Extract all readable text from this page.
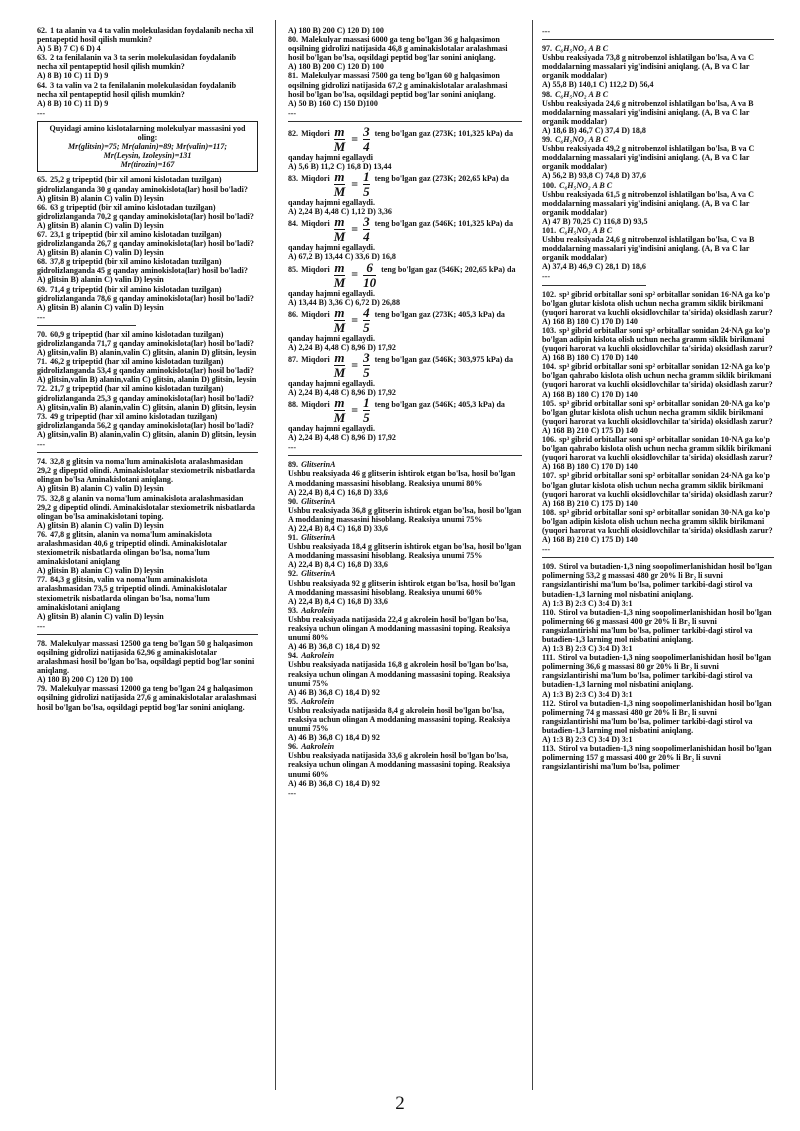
62. 1 ta alanin va 4 ta valin molekulasidan foydalanib necha xil pentapeptid hosil qilish mumkin?

A) 5 B) 7 C) 6 D) 4

63. 2 ta fenilalanin va 3 ta serin molekulasidan foydalanib necha xil pentapeptid hosil qilish mumkin?

A) 8 B) 10 C) 11 D) 9

64. 3 ta valin va 2 ta fenilalanin molekulasidan foydalanib necha xil pentapeptid hosil qilish mumkin?

A) 8 B) 10 C) 11 D) 9

---

Quyidagi amino kislotalarning molekulyar massasini yod oling:
Mr(glitsin)=75; Mr(alanin)=89; Mr(valin)=117;
Mr(Leysin, Izoleysin)=131
Mr(tirozin)=167

65. 25,2 g tripeptid (bir xil amoni kislotadan tuzilgan) gidrolizlanganda 30 g qanday aminokislota(lar) hosil bo'ladi?

A) glitsin B) alanin C) valin D) leysin

66. 63 g tripeptid (bir xil amino kislotadan tuzilgan) gidrolizlanganda 70,2 g qanday aminokislota(lar) hosil bo'ladi?

A) glitsin B) alanin C) valin D) leysin

67. 23,1 g tripeptid (bir xil amino kislotadan tuzilgan) gidrolizlanganda 26,7 g qanday aminokislota(lar) hosil bo'ladi?

A) glitsin B) alanin C) valin D) leysin

68. 37,8 g tripeptid (bir xil amino kislotadan tuzilgan) gidrolizlanganda 45 g qanday aminokislota(lar) hosil bo'ladi?

A) glitsin B) alanin C) valin D) leysin

69. 71,4 g tripeptid (bir xil amino kislotadan tuzilgan) gidrolizlanganda 78,6 g qanday aminokislota(lar) hosil bo'ladi?

A) glitsin B) alanin C) valin D) leysin

---

70. 60,9 g tripeptid (har xil amino kislotadan tuzilgan) gidrolizlanganda 71,7 g qanday aminokislota(lar) hosil bo'ladi?

A) glitsin,valin B) alanin,valin C) glitsin, alanin D) glitsin, leysin

71. 46,2 g tripeptid (har xil amino kislotadan tuzilgan) gidrolizlanganda 53,4 g qanday aminokislota(lar) hosil bo'ladi?

A) glitsin,valin B) alanin,valin C) glitsin, alanin D) glitsin, leysin

72. 21,7 g tripeptid (har xil amino kislotadan tuzilgan) gidrolizlanganda 25,3 g qanday aminokislota(lar) hosil bo'ladi?

A) glitsin,valin B) alanin,valin C) glitsin, alanin D) glitsin, leysin

73. 49 g tripeptid (har xil amino kislotadan tuzilgan) gidrolizlanganda 56,2 g qanday aminokislota(lar) hosil bo'ladi?

A) glitsin,valin B) alanin,valin C) glitsin, alanin D) glitsin, leysin

---

74. 32,8 g glitsin va noma'lum aminakislota aralashmasidan 29,2 g dipeptid olindi. Aminakislotalar stexiometrik nisbatlarda olingan bo'lsa Aminakislotani aniqlang.

A) glitsin B) alanin C) valin D) leysin

75. 32,8 g alanin va noma'lum aminakislota aralashmasidan 29,2 g dipeptid olindi. Aminakislotalar stexiometrik nisbatlarda olingan bo'lsa aminakislotani toping.

A) glitsin B) alanin C) valin D) leysin

76. 47,8 g glitsin, alanin va noma'lum aminakislota aralashmasidan 40,6 g tripeptid olindi. Aminakislotalar stexiometrik nisbatlarda olingan bo'lsa, noma'lum aminakislotani aniqlang

A) glitsin B) alanin C) valin D) leysin

77. 84,3 g glitsin, valin va noma'lum aminakislota aralashmasidan 73,5 g tripeptid olindi. Aminakislotalar stexiometrik nisbatlarda olingan bo'lsa, noma'lum aminakislotani aniqlang

A) glitsin B) alanin C) valin D) leysin

---

78. Malekulyar massasi 12500 ga teng bo'lgan 50 g halqasimon oqsilning gidrolizi natijasida 62,96 g aminakislotalar aralashmasi hosil bo'lgan bo'lsa, oqsildagi peptid bog'lar sonini aniqlang.

A) 180 B) 200 C) 120 D) 100

79. Malekulyar massasi 12000 ga teng bo'lgan 24 g halqasimon oqsilning gidrolizi natijasida 27,6 g aminakislotalar aralashmasi hosil bo'lgan bo'lsa, oqsildagi peptid bog'lar sonini aniqlang.

A) 180 B) 200 C) 120 D) 100

80. Malekulyar massasi 6000 ga teng bo'lgan 36 g halqasimon oqsilning gidrolizi natijasida 46,8 g aminakislotalar aralashmasi hosil bo'lgan bo'lsa, oqsildagi peptid bog'lar sonini aniqlang.

A) 180 B) 200 C) 120 D) 100

81. Malekulyar massasi 7500 ga teng bo'lgan 60 g halqasimon oqsilning gidrolizi natijasida 67,2 g aminakislotalar aralashmasi hosil bo'lgan bo'lsa, oqsildagi peptid bog'lar sonini aniqlang.

A) 50 B) 160 C) 150 D)100

---

82. Miqdori $\frac{m}{M} = \frac{3}{4}$ teng bo'lgan gaz (273K; 101,325 kPa) da qanday hajmni egallaydi

A) 5,6 B) 11,2 C) 16,8 D) 13,44

83. Miqdori $\frac{m}{M} = \frac{1}{5}$ teng bo'lgan gaz (273K; 202,65 kPa) da qanday hajmni egallaydi.

A) 2,24 B) 4,48 C) 1,12 D) 3,36

84. Miqdori $\frac{m}{M} = \frac{3}{4}$ teng bo'lgan gaz (546K; 101,325 kPa) da qanday hajmni egallaydi.

A) 67,2 B) 13,44 C) 33,6 D) 16,8

85. Miqdori $\frac{m}{M} = \frac{6}{10}$ teng bo'lgan gaz (546K; 202,65 kPa) da qanday hajmni egallaydi.

A) 13,44 B) 3,36 C) 6,72 D) 26,88

86. Miqdori $\frac{m}{M} = \frac{4}{5}$ teng bo'lgan gaz (273K; 405,3 kPa) da qanday hajmni egallaydi.

A) 2,24 B) 4,48 C) 8,96 D) 17,92

87. Miqdori $\frac{m}{M} = \frac{3}{5}$ teng bo'lgan gaz (546K; 303,975 kPa) da qanday hajmni egallaydi.

A) 2,24 B) 4,48 C) 8,96 D) 17,92

88. Miqdori $\frac{m}{M} = \frac{1}{5}$ teng bo'lgan gaz (546K; 405,3 kPa) da qanday hajmni egallaydi.

A) 2,24 B) 4,48 C) 8,96 D) 17,92

---

89. GlitserinA

Ushbu reaksiyada 46 g glitserin ishtirok etgan bo'lsa, hosil bo'lgan A moddaning massasini hisoblang. Reaksiya unumi 80%

A) 22,4 B) 8,4 C) 16,8 D) 33,6

90. GlitserinA

Ushbu reaksiyada 36,8 g glitserin ishtirok etgan bo'lsa, hosil bo'lgan A moddaning massasini hisoblang. Reaksiya unumi 75%

A) 22,4 B) 8,4 C) 16,8 D) 33,6

91. GlitserinA

Ushbu reaksiyada 18,4 g glitserin ishtirok etgan bo'lsa, hosil bo'lgan A moddaning massasini hisoblang. Reaksiya unumi 75%

A) 22,4 B) 8,4 C) 16,8 D) 33,6

92. GlitserinA

Ushbu reaksiyada 92 g glitserin ishtirok etgan bo'lsa, hosil bo'lgan A moddaning massasini hisoblang. Reaksiya unumi 60%

A) 22,4 B) 8,4 C) 16,8 D) 33,6

93. Aakrolein

Ushbu reaksiyada natijasida 22,4 g akrolein hosil bo'lgan bo'lsa, reaksiya uchun olingan A moddaning massasini toping. Reaksiya unumi 80%

A) 46 B) 36,8 C) 18,4 D) 92

94. Aakrolein

Ushbu reaksiyada natijasida 16,8 g akrolein hosil bo'lgan bo'lsa, reaksiya uchun olingan A moddaning massasini toping. Reaksiya unumi 75%

A) 46 B) 36,8 C) 18,4 D) 92

95. Aakrolein

Ushbu reaksiyada natijasida 8,4 g akrolein hosil bo'lgan bo'lsa, reaksiya uchun olingan A moddaning massasini toping. Reaksiya unumi 75%

A) 46 B) 36,8 C) 18,4 D) 92

96. Aakrolein

Ushbu reaksiyada natijasida 33,6 g akrolein hosil bo'lgan bo'lsa, reaksiya uchun olingan A moddaning massasini toping. Reaksiya unumi 60%

A) 46 B) 36,8 C) 18,4 D) 92

---

---

97. C₆H₅NO₂ A B C

Ushbu reaksiyada 73,8 g nitrobenzol ishlatilgan bo'lsa, A va C moddalarning massalari yig'indisini aniqlang. (A, B va C lar organik moddalar)

A) 55,8 B) 140,1 C) 112,2 D) 56,4

98. C₆H₅NO₂ A B C

Ushbu reaksiyada 24,6 g nitrobenzol ishlatilgan bo'lsa, A va B moddalarning massalari yig'indisini aniqlang. (A, B va C lar organik moddalar)

A) 18,6 B) 46,7 C) 37,4 D) 18,8

99. C₆H₅NO₂ A B C

Ushbu reaksiyada 49,2 g nitrobenzol ishlatilgan bo'lsa, B va C moddalarning massalari yig'indisini aniqlang. (A, B va C lar organik moddalar)

A) 56,2 B) 93,8 C) 74,8 D) 37,6

100. C₆H₅NO₂ A B C

Ushbu reaksiyada 61,5 g nitrobenzol ishlatilgan bo'lsa, A va C moddalarning massalari yig'indisini aniqlang. (A, B va C lar organik moddalar)

A) 47 B) 70,25 C) 116,8 D) 93,5

101. C₆H₅NO₂ A B C

Ushbu reaksiyada 24,6 g nitrobenzol ishlatilgan bo'lsa, C va B moddalarning massalari yig'indisini aniqlang. (A, B va C lar organik moddalar)

A) 37,4 B) 46,9 C) 28,1 D) 18,6

---

102. sp³ gibrid orbitallar soni sp² orbitallar sonidan 16·NA ga ko'p bo'lgan glutar kislota olish uchun necha gramm siklik birikmani (yuqori harorat va kuchli oksidlovchilar ta'sirida) oksidlash zarur?

A) 168 B) 180 C) 170 D) 140

103. sp³ gibrid orbitallar soni sp² orbitallar sonidan 24·NA ga ko'p bo'lgan adipin kislota olish uchun necha gramm siklik birikmani (yuqori harorat va kuchli oksidlovchilar ta'sirida) oksidlash zarur?

A) 168 B) 180 C) 170 D) 140

104. sp³ gibrid orbitallar soni sp² orbitallar sonidan 12·NA ga ko'p bo'lgan qahrabo kislota olish uchun necha gramm siklik birikmani (yuqori harorat va kuchli oksidlovchilar ta'sirida) oksidlash zarur?

A) 168 B) 180 C) 170 D) 140

105. sp³ gibrid orbitallar soni sp² orbitallar sonidan 20·NA ga ko'p bo'lgan glutar kislota olish uchun necha gramm siklik birikmani (yuqori harorat va kuchli oksidlovchilar ta'sirida) oksidlash zarur?

A) 168 B) 210 C) 175 D) 140

106. sp³ gibrid orbitallar soni sp² orbitallar sonidan 10·NA ga ko'p bo'lgan qahrabo kislota olish uchun necha gramm siklik birikmani (yuqori harorat va kuchli oksidlovchilar ta'sirida) oksidlash zarur?

A) 168 B) 180 C) 170 D) 140

107. sp³ gibrid orbitallar soni sp² orbitallar sonidan 24·NA ga ko'p bo'lgan glutar kislota olish uchun necha gramm siklik birikmani (yuqori harorat va kuchli oksidlovchilar ta'sirida) oksidlash zarur?

A) 168 B) 210 C) 175 D) 140

108. sp³ gibrid orbitallar soni sp² orbitallar sonidan 30·NA ga ko'p bo'lgan adipin kislota olish uchun necha gramm siklik birikmani (yuqori harorat va kuchli oksidlovchilar ta'sirida) oksidlash zarur?

A) 168 B) 210 C) 175 D) 140

---

109. Stirol va butadien-1,3 ning soopolimerlanishidan hosil bo'lgan polimerning 53,2 g massasi 480 gr 20% li Br₂ li suvni rangsizlantirishi ma'lum bo'lsa, polimer tarkibi-dagi stirol va butadien-1,3 larning mol nisbatini aniqlang.

A) 1:3 B) 2:3 C) 3:4 D) 3:1

110. Stirol va butadien-1,3 ning soopolimerlanishidan hosil bo'lgan polimerning 66 g massasi 400 gr 20% li Br₂ li suvni rangsizlantirishi ma'lum bo'lsa, polimer tarkibi-dagi stirol va butadien-1,3 larning mol nisbatini aniqlang.

A) 1:3 B) 2:3 C) 3:4 D) 3:1

111. Stirol va butadien-1,3 ning soopolimerlanishidan hosil bo'lgan polimerning 36,6 g massasi 80 gr 20% li Br₂ li suvni rangsizlantirishi ma'lum bo'lsa, polimer tarkibi-dagi stirol va butadien-1,3 larning mol nisbatini aniqlang.

A) 1:3 B) 2:3 C) 3:4 D) 3:1

112. Stirol va butadien-1,3 ning soopolimerlanishidan hosil bo'lgan polimerning 74 g massasi 480 gr 20% li Br₂ li suvni rangsizlantirishi ma'lum bo'lsa, polimer tarkibi-dagi stirol va butadien-1,3 larning mol nisbatini aniqlang.

A) 1:3 B) 2:3 C) 3:4 D) 3:1

113. Stirol va butadien-1,3 ning soopolimerlanishidan hosil bo'lgan polimerning 157 g massasi 400 gr 20% li Br₂ li suvni rangsizlantirishi ma'lum bo'lsa, polimer

2
